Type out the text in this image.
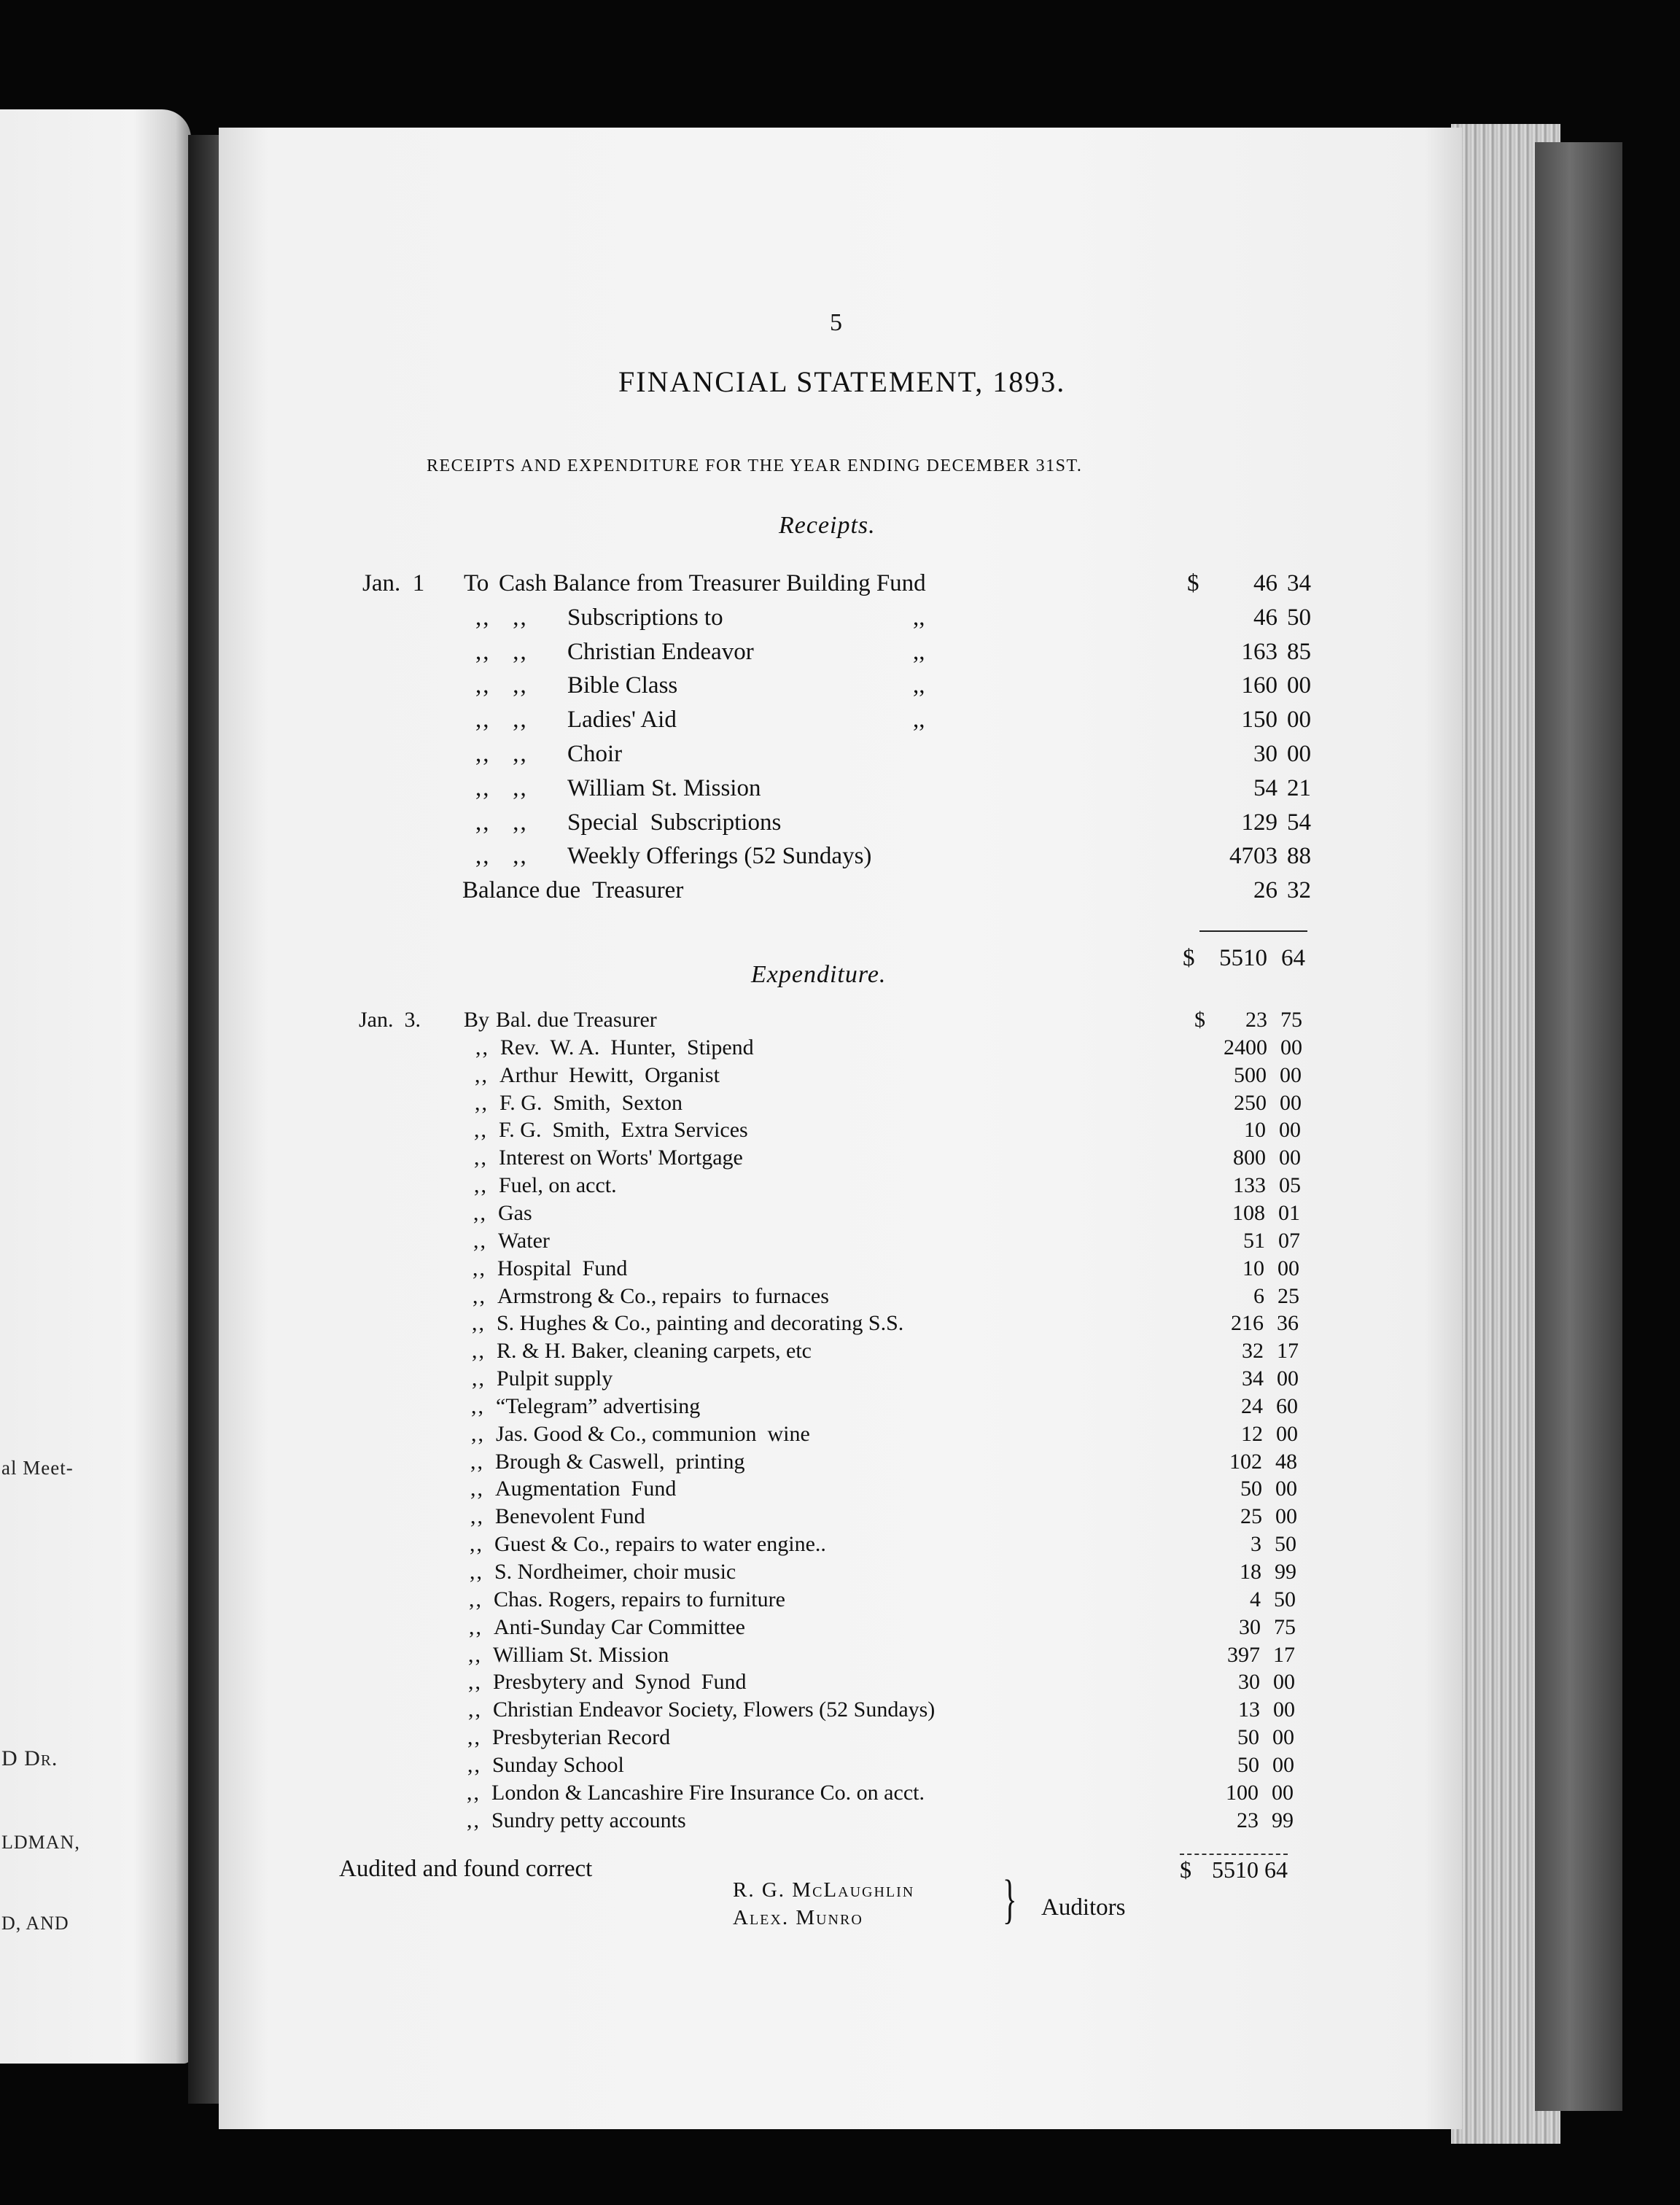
al Meet-
D Dr.
LDMAN,
D, AND
5
FINANCIAL STATEMENT, 1893.
RECEIPTS AND EXPENDITURE FOR THE YEAR ENDING DECEMBER 31ST.
Receipts.
Jan.  1 To Cash Balance from Treasurer Building Fund	$	46 34
,,   ,, Subscriptions to	,,	46 50
,,   ,, Christian Endeavor	,,	163 85
,,   ,, Bible Class	,,	160 00
,,   ,, Ladies' Aid	,,	150 00
,,   ,, Choir	30 00
,,   ,, William St. Mission	54 21
,,   ,, Special  Subscriptions	129 54
,,   ,, Weekly Offerings (52 Sundays)	4703 88
Balance due  Treasurer	26 32
$	5510 64
Expenditure.
Jan.  3. By Bal. due Treasurer	$	23 75
,, Rev.  W. A.  Hunter,  Stipend	2400 00
,, Arthur  Hewitt,  Organist	500 00
,, F. G.  Smith,  Sexton	250 00
,, F. G.  Smith,  Extra Services	10 00
,, Interest on Worts' Mortgage	800 00
,, Fuel, on acct.	133 05
,, Gas	108 01
,, Water	51 07
,, Hospital  Fund	10 00
,, Armstrong & Co., repairs  to furnaces	6 25
,, S. Hughes & Co., painting and decorating S.S.	216 36
,, R. & H. Baker, cleaning carpets, etc	32 17
,, Pulpit supply	34 00
,, “Telegram” advertising	24 60
,, Jas. Good & Co., communion  wine	12 00
,, Brough & Caswell,  printing	102 48
,, Augmentation  Fund	50 00
,, Benevolent Fund	25 00
,, Guest & Co., repairs to water engine..	3 50
,, S. Nordheimer, choir music	18 99
,, Chas. Rogers, repairs to furniture	4 50
,, Anti-Sunday Car Committee	30 75
,, William St. Mission	397 17
,, Presbytery and  Synod  Fund	30 00
,, Christian Endeavor Society, Flowers (52 Sundays)	13 00
,, Presbyterian Record	50 00
,, Sunday School	50 00
,, London & Lancashire Fire Insurance Co. on acct.	100 00
,, Sundry petty accounts	23 99
$ 5510 64
Audited and found correct
R. G. McLaughlin
Alex. Munro	} Auditors
